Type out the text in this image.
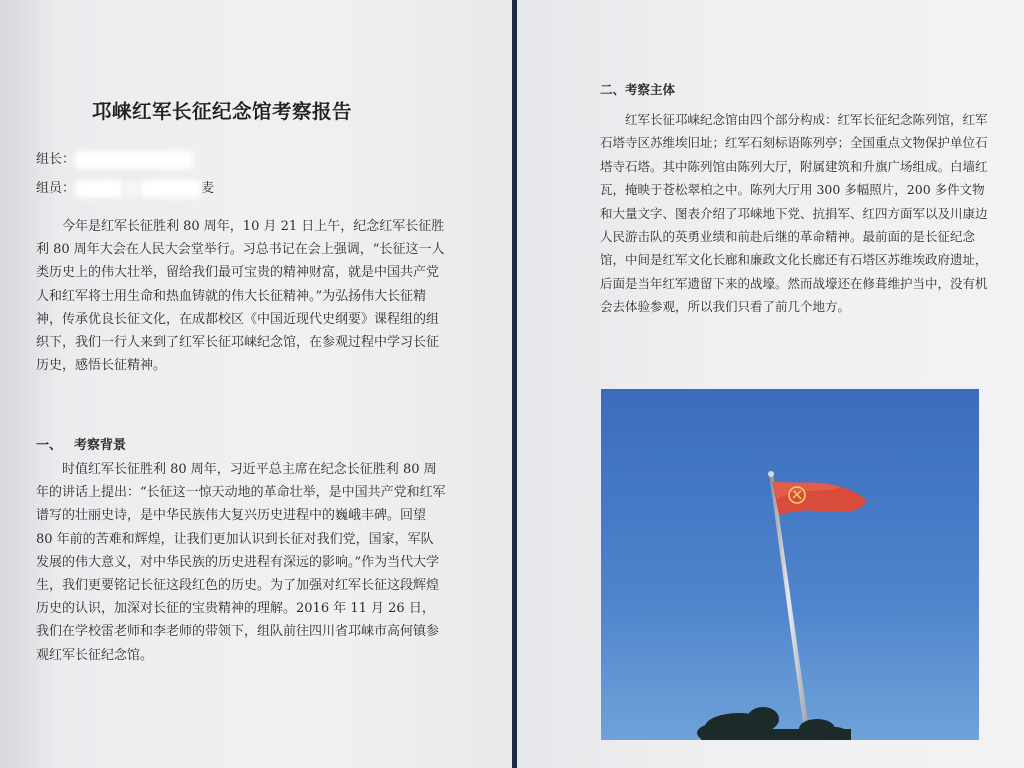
邛崃红军长征纪念馆考察报告
组长：
组员：	麦

今年是红军长征胜利 80 周年，10 月 21 日上午，纪念红军长征胜利 80 周年大会在人民大会堂举行。习总书记在会上强调，“长征这一人类历史上的伟大壮举，留给我们最可宝贵的精神财富，就是中国共产党人和红军将士用生命和热血铸就的伟大长征精神。”为弘扬伟大长征精神，传承优良长征文化，在成都校区《中国近现代史纲要》课程组的组织下，我们一行人来到了红军长征邛崃纪念馆，在参观过程中学习长征历史，感悟长征精神。

一、 考察背景

时值红军长征胜利 80 周年，习近平总主席在纪念长征胜利 80 周年的讲话上提出：“长征这一惊天动地的革命壮举，是中国共产党和红军谱写的壮丽史诗，是中华民族伟大复兴历史进程中的巍峨丰碑。回望 80 年前的苦难和辉煌，让我们更加认识到长征对我们党，国家，军队发展的伟大意义，对中华民族的历史进程有深远的影响。”作为当代大学生，我们更要铭记长征这段红色的历史。为了加强对红军长征这段辉煌历史的认识，加深对长征的宝贵精神的理解。2016 年 11 月 26 日，我们在学校雷老师和李老师的带领下，组队前往四川省邛崃市高何镇参观红军长征纪念馆。

二、考察主体

红军长征邛崃纪念馆由四个部分构成：红军长征纪念陈列馆，红军石塔寺区苏维埃旧址；红军石刻标语陈列亭；全国重点文物保护单位石塔寺石塔。其中陈列馆由陈列大厅，附属建筑和升旗广场组成。白墙红瓦，掩映于苍松翠柏之中。陈列大厅用 300 多幅照片，200 多件文物和大量文字、图表介绍了邛崃地下党、抗捐军、红四方面军以及川康边人民游击队的英勇业绩和前赴后继的革命精神。最前面的是长征纪念馆，中间是红军文化长廊和廉政文化长廊还有石塔区苏维埃政府遗址，后面是当年红军遗留下来的战壕。然而战壕还在修葺维护当中，没有机会去体验参观，所以我们只看了前几个地方。
